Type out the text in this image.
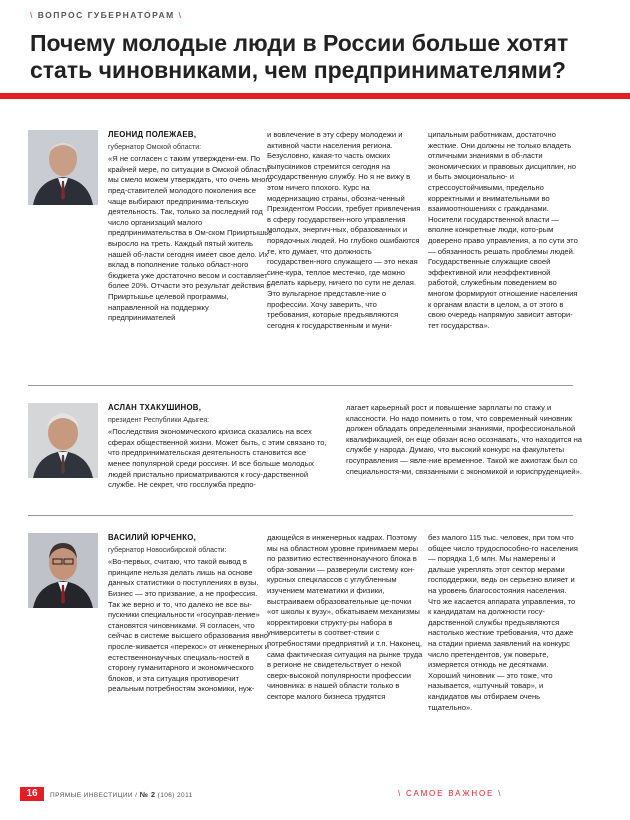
\ ВОПРОС ГУБЕРНАТОРАМ \
Почему молодые люди в России больше хотят стать чиновниками, чем предпринимателями?
ЛЕОНИД ПОЛЕЖАЕВ,
губернатор Омской области:

«Я не согласен с таким утверждени-ем. По крайней мере, по ситуации в Омской области мы смело можем утверждать, что очень много пред-ставителей молодого поколения все чаще выбирают предпринима-тельскую деятельность. Так, только за последний год число организаций малого предпринимательства в Ом-ском Прииртышье выросло на треть. Каждый пятый житель нашей об-ласти сегодня имеет свое дело. Их вклад в пополнение только област-ного бюджета уже достаточно весом и составляет более 20%. Отчасти это результат действия в Прииртышье целевой программы, направленной на поддержку предпринимателей

и вовлечение в эту сферу молодежи и активной части населения региона. Безусловно, какая-то часть омских выпускников стремится сегодня на государственную службу. Но я не вижу в этом ничего плохого. Курс на модернизацию страны, обозна-ченный Президентом России, требует привлечения в сферу государствен-ного управления молодых, энергич-ных, образованных и порядочных людей. Но глубоко ошибаются те, кто думает, что должность государствен-ного служащего — это некая сине-кура, теплое местечко, где можно сделать карьеру, ничего по сути не делая. Это вульгарное представле-ние о профессии. Хочу заверить, что требования, которые предъявляются сегодня к государственным и муни-

ципальным работникам, достаточно жесткие. Они должны не только владеть отличными знаниями в об-ласти экономических и правовых дисциплин, но и быть эмоционально- и стрессоустойчивыми, предельно корректными и внимательными во взаимоотношениях с гражданами. Носители государственной власти — вполне конкретные люди, кото-рым доверено право управления, а по сути это — обязанность решать проблемы людей. Государственные служащие своей эффективной или неэффективной работой, служебным поведением во многом формируют отношение населения к органам власти в целом, а от этого в свою очередь напрямую зависит автори-тет государства».

АСЛАН ТХАКУШИНОВ,
президент Республики Адыгея:

«Последствия экономического кризиса сказались на всех сферах общественной жизни. Может быть, с этим связано то, что предпринимательская деятельность становится все менее популярной среди россиян. И все больше молодых людей пристально присматриваются к госу-дарственной службе. Не секрет, что госслужба предпо-

лагает карьерный рост и повышение зарплаты по стажу и классности. Но надо помнить о том, что современный чиновник должен обладать определенными знаниями, профессиональной квалификацией, он еще обязан ясно осознавать, что находится на службе у народа. Думаю, что высокий конкурс на факультеты госуправления — явле-ние временное. Такой же ажиотаж был со специальностя-ми, связанными с экономикой и юриспруденцией».

ВАСИЛИЙ ЮРЧЕНКО,
губернатор Новосибирской области:

«Во-первых, считаю, что такой вывод в принципе нельзя делать лишь на основе данных статистики о поступлениях в вузы. Бизнес — это призвание, а не профессия. Так же верно и то, что далеко не все вы-пускники специальности «госуправ-ление» становятся чиновниками. Я согласен, что сейчас в системе высшего образования явно просле-живается «перекос» от инженерных и естественнонаучных специаль-ностей в сторону гуманитарного и экономического блоков, и эта ситуация противоречит реальным потребностям экономики, нуж-

дающейся в инженерных кадрах. Поэтому мы на областном уровне принимаем меры по развитию естественнонаучного блока в обра-зовании — развернули систему кон-курсных спецклассов с углубленным изучением математики и физики, выстраиваем образовательные це-почки «от школы к вузу», обкатываем механизмы корректировки структу-ры набора в университеты в соответ-ствии с потребностями предприятий и т.п. Наконец, сама фактическая ситуация на рынке труда в регионе не свидетельствует о некой сверх-высокой популярности профессии чиновника: в нашей области только в секторе малого бизнеса трудятся

без малого 115 тыс. человек, при том что общее число трудоспособно-го населения — порядка 1,6 млн. Мы намерены и дальше укреплять этот сектор мерами господдержки, ведь он серьезно влияет и на уровень благосостояния населения. Что же касается аппарата управления, то к кандидатам на должности госу-дарственной службы предъявляются настолько жесткие требования, что даже на стадии приема заявлений на конкурс число претендентов, уж поверьте, измеряется отнюдь не десятками. Хороший чиновник — это тоже, что называется, «штучный товар», и кандидатов мы отбираем очень тщательно».

16	ПРЯМЫЕ ИНВЕСТИЦИИ / № 2 (106) 2011	\ САМОЕ ВАЖНОЕ \
